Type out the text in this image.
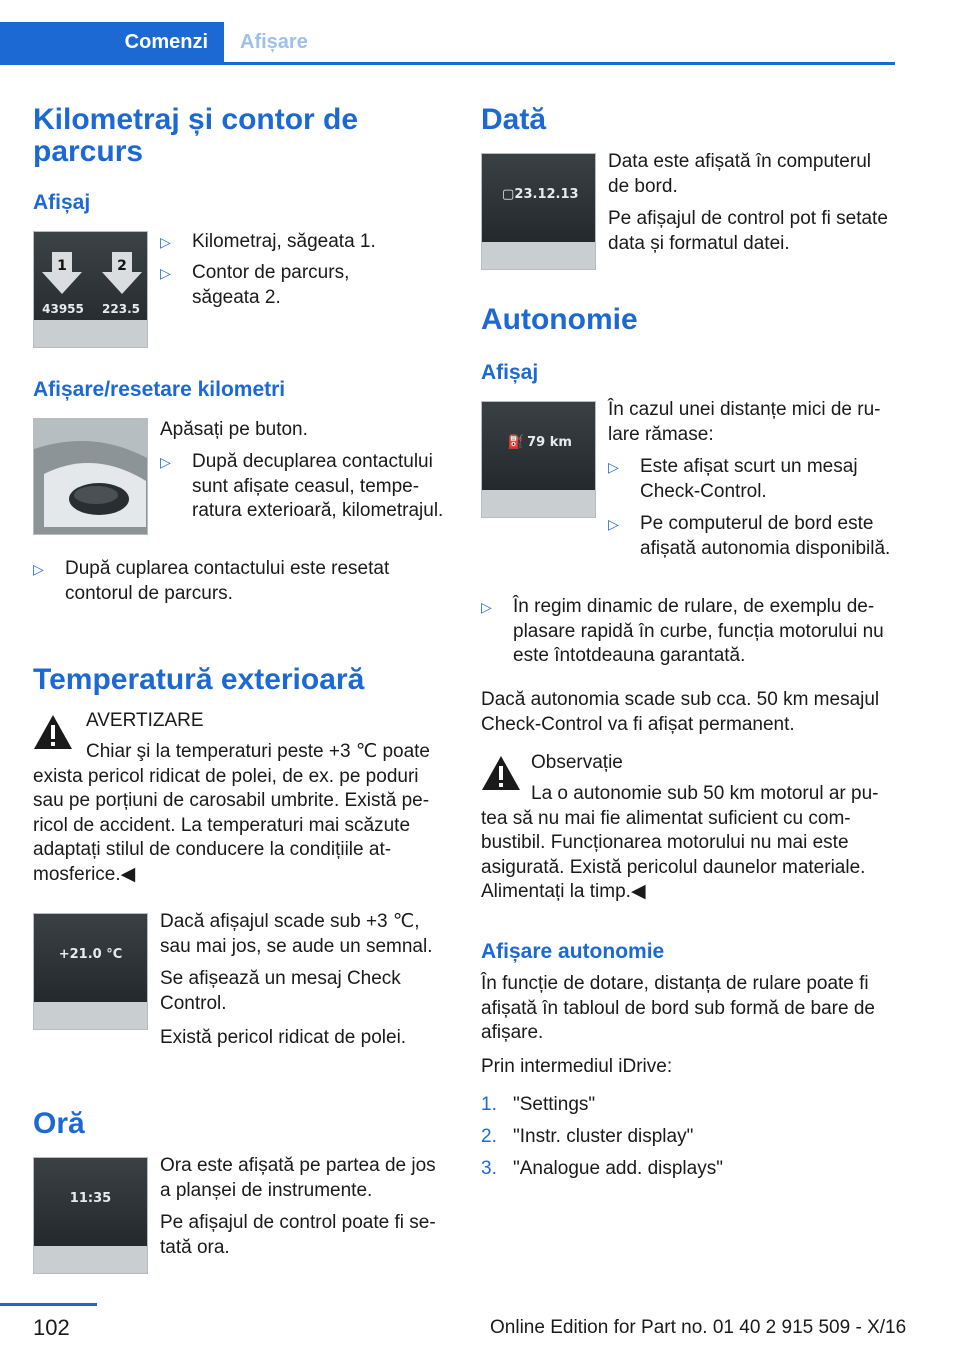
Comenzi	Afișare
Kilometraj și contor de parcurs
Afișaj
1	2
43955	223.5
▷ Kilometraj, săgeata 1.
▷ Contor de parcurs, săgeata 2.
Afișare/resetare kilometri

Apăsați pe buton.

▷ După decuplarea contactului sunt afișate ceasul, temperatura exterioară, kilometrajul.
▷ După cuplarea contactului este resetat contorul de parcurs.
Temperatură exterioară

AVERTIZARE

Chiar şi la temperaturi peste +3 ℃ poate exista pericol ridicat de polei, de ex. pe poduri sau pe porțiuni de carosabil umbrite. Există pericol de accident. La temperaturi mai scăzute adaptați stilul de conducere la condițiile atmosferice.◀

+21.0 °C

Dacă afișajul scade sub +3 ℃, sau mai jos, se aude un semnal.

Se afișează un mesaj Check Control.

Există pericol ridicat de polei.

Oră
11:35

Ora este afișată pe partea de jos a planșei de instrumente.

Pe afișajul de control poate fi setată ora.

Dată
▢ 23.12.13

Data este afișată în computerul de bord.

Pe afișajul de control pot fi setate data și formatul datei.

Autonomie
Afișaj
⛽ 79 km

În cazul unei distanțe mici de rulare rămase:

▷ Este afișat scurt un mesaj Check-Control.
▷ Pe computerul de bord este afișată autonomia disponibilă.
▷ În regim dinamic de rulare, de exemplu deplasare rapidă în curbe, funcția motorului nu este întotdeauna garantată.

Dacă autonomia scade sub cca. 50 km mesajul Check-Control va fi afișat permanent.

Observație

La o autonomie sub 50 km motorul ar putea să nu mai fie alimentat suficient cu combustibil. Funcționarea motorului nu mai este asigurată. Există pericolul daunelor materiale. Alimentați la timp.◀

Afișare autonomie

În funcție de dotare, distanța de rulare poate fi afișată în tabloul de bord sub formă de bare de afișare.

Prin intermediul iDrive:

1. "Settings"
2. "Instr. cluster display"
3. "Analogue add. displays"
102	Online Edition for Part no. 01 40 2 915 509 - X/16
